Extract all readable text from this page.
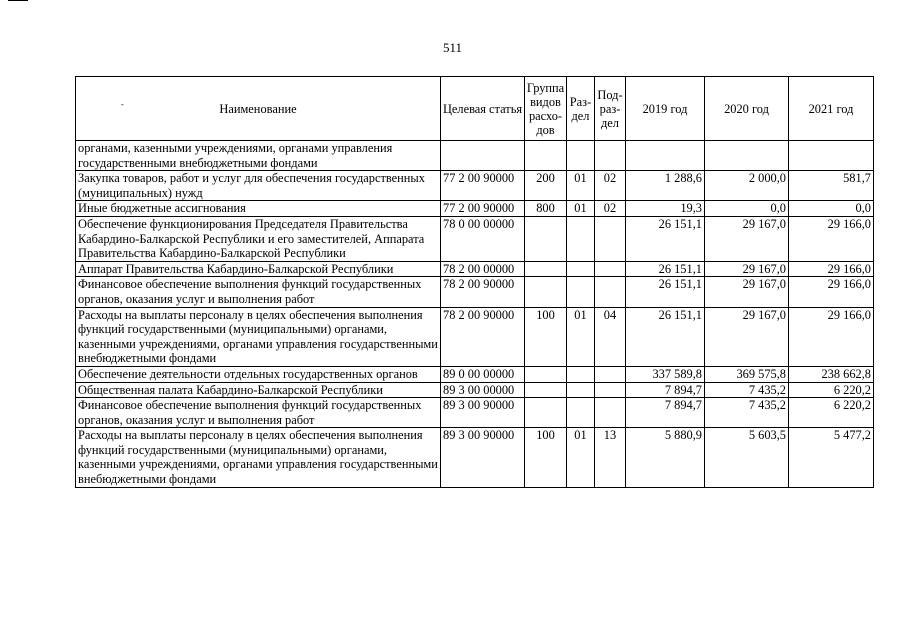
511
-	Наименование	Целевая статья	Группа видов расхо-дов	Раз-дел	Под-раз-дел	2019 год	2020 год	2021 год
органами, казенными учреждениями, органами управления государственными внебюджетными фондами							
Закупка товаров, работ и услуг для обеспечения государственных (муниципальных) нужд	77 2 00 90000	200	01	02	1 288,6	2 000,0	581,7
Иные бюджетные ассигнования	77 2 00 90000	800	01	02	19,3	0,0	0,0
Обеспечение функционирования Председателя Правительства Кабардино-Балкарской Республики и его заместителей, Аппарата Правительства Кабардино-Балкарской Республики	78 0 00 00000				26 151,1	29 167,0	29 166,0
Аппарат Правительства Кабардино-Балкарской Республики	78 2 00 00000				26 151,1	29 167,0	29 166,0
Финансовое обеспечение выполнения функций государственных органов, оказания услуг и выполнения работ	78 2 00 90000				26 151,1	29 167,0	29 166,0
Расходы на выплаты персоналу в целях обеспечения выполнения функций государственными (муниципальными) органами, казенными учреждениями, органами управления государственными внебюджетными фондами	78 2 00 90000	100	01	04	26 151,1	29 167,0	29 166,0
Обеспечение деятельности отдельных государственных органов	89 0 00 00000				337 589,8	369 575,8	238 662,8
Общественная палата Кабардино-Балкарской Республики	89 3 00 00000				7 894,7	7 435,2	6 220,2
Финансовое обеспечение выполнения функций государственных органов, оказания услуг и выполнения работ	89 3 00 90000				7 894,7	7 435,2	6 220,2
Расходы на выплаты персоналу в целях обеспечения выполнения функций государственными (муниципальными) органами, казенными учреждениями, органами управления государственными внебюджетными фондами	89 3 00 90000	100	01	13	5 880,9	5 603,5	5 477,2
